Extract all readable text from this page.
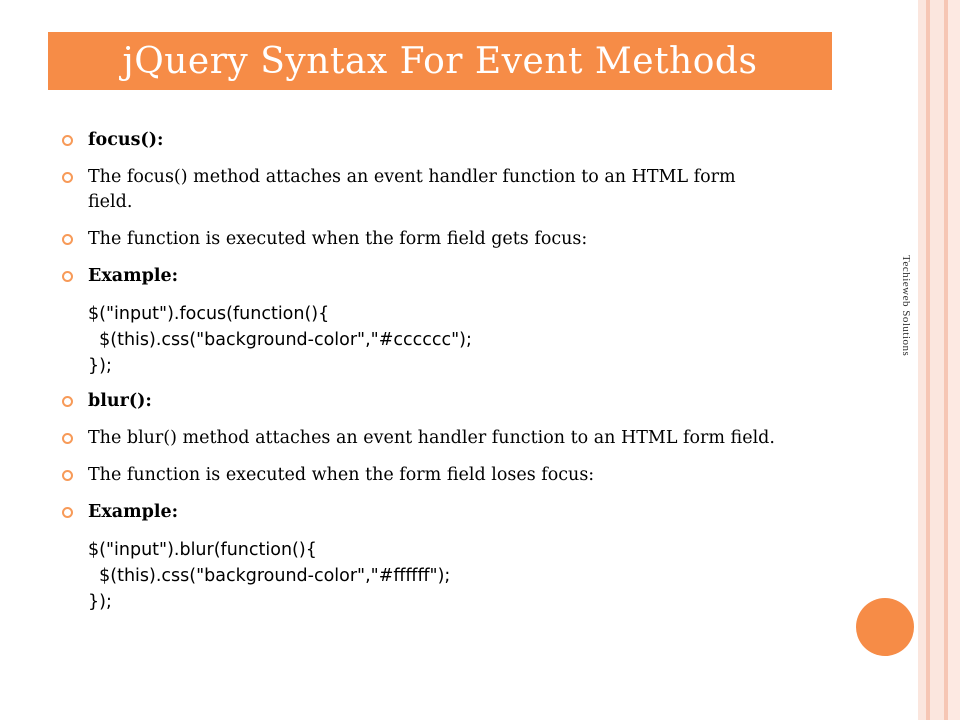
jQuery Syntax For Event Methods
Techieweb Solutions
focus():
The focus() method attaches an event handler function to an HTML form field.
The function is executed when the form field gets focus:
Example:
$("input").focus(function(){
$(this).css("background-color","#cccccc");
});
blur():
The blur() method attaches an event handler function to an HTML form field.
The function is executed when the form field loses focus:
Example:
$("input").blur(function(){
$(this).css("background-color","#ffffff");
});
